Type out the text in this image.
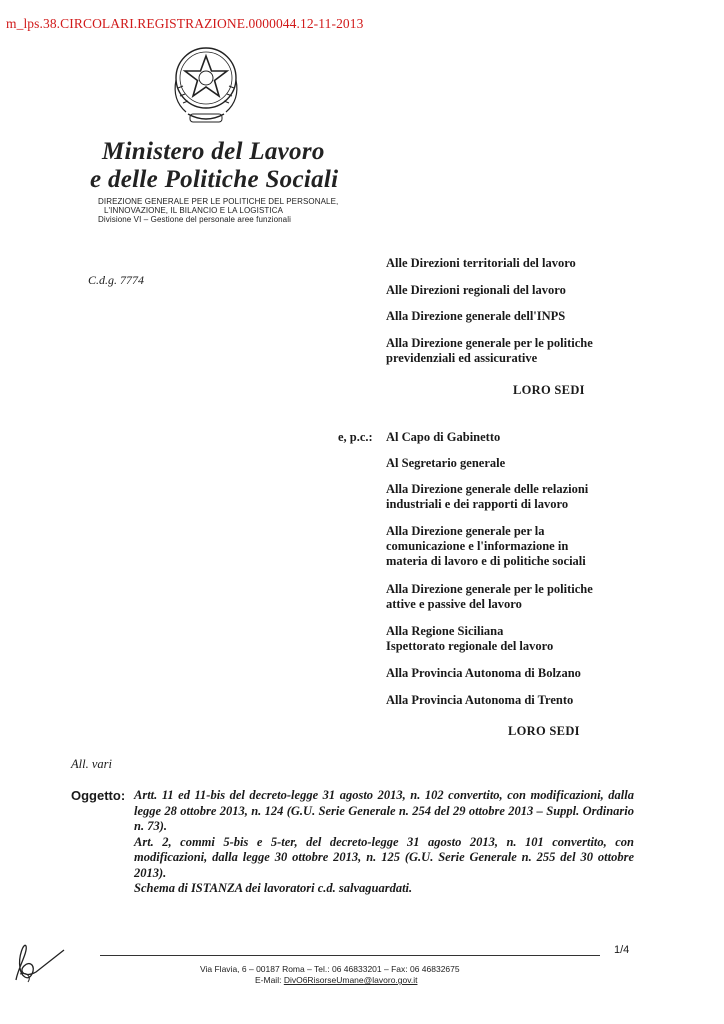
m_lps.38.CIRCOLARI.REGISTRAZIONE.0000044.12-11-2013
Ministero del Lavoro
e delle Politiche Sociali
DIREZIONE GENERALE PER LE POLITICHE DEL PERSONALE,
L'INNOVAZIONE, IL BILANCIO E LA LOGISTICA
Divisione VI – Gestione del personale aree funzionali
C.d.g. 7774
Alle Direzioni territoriali del lavoro
Alle Direzioni regionali del lavoro
Alla Direzione generale dell'INPS
Alla Direzione generale per le politiche
previdenziali ed assicurative
LORO SEDI
e, p.c.: Al Capo di Gabinetto
Al Segretario generale
Alla Direzione generale delle relazioni
industriali e dei rapporti di lavoro
Alla Direzione generale per la
comunicazione e l'informazione in
materia di lavoro e di politiche sociali
Alla Direzione generale per le politiche
attive e passive del lavoro
Alla Regione Siciliana
Ispettorato regionale del lavoro
Alla Provincia Autonoma di Bolzano
Alla Provincia Autonoma di Trento
LORO SEDI
All. vari
Oggetto: Artt. 11 ed 11-bis del decreto-legge 31 agosto 2013, n. 102 convertito, con modificazioni, dalla legge 28 ottobre 2013, n. 124 (G.U. Serie Generale n. 254 del 29 ottobre 2013 – Suppl. Ordinario n. 73).

Art. 2, commi 5-bis e 5-ter, del decreto-legge 31 agosto 2013, n. 101 convertito, con modificazioni, dalla legge 30 ottobre 2013, n. 125 (G.U. Serie Generale n. 255 del 30 ottobre 2013).

Schema di ISTANZA dei lavoratori c.d. salvaguardati.

1/4
Via Flavia, 6 – 00187 Roma – Tel.: 06 46833201 – Fax: 06 46832675
E-Mail: DivO6RisorseUmane@lavoro.gov.it
